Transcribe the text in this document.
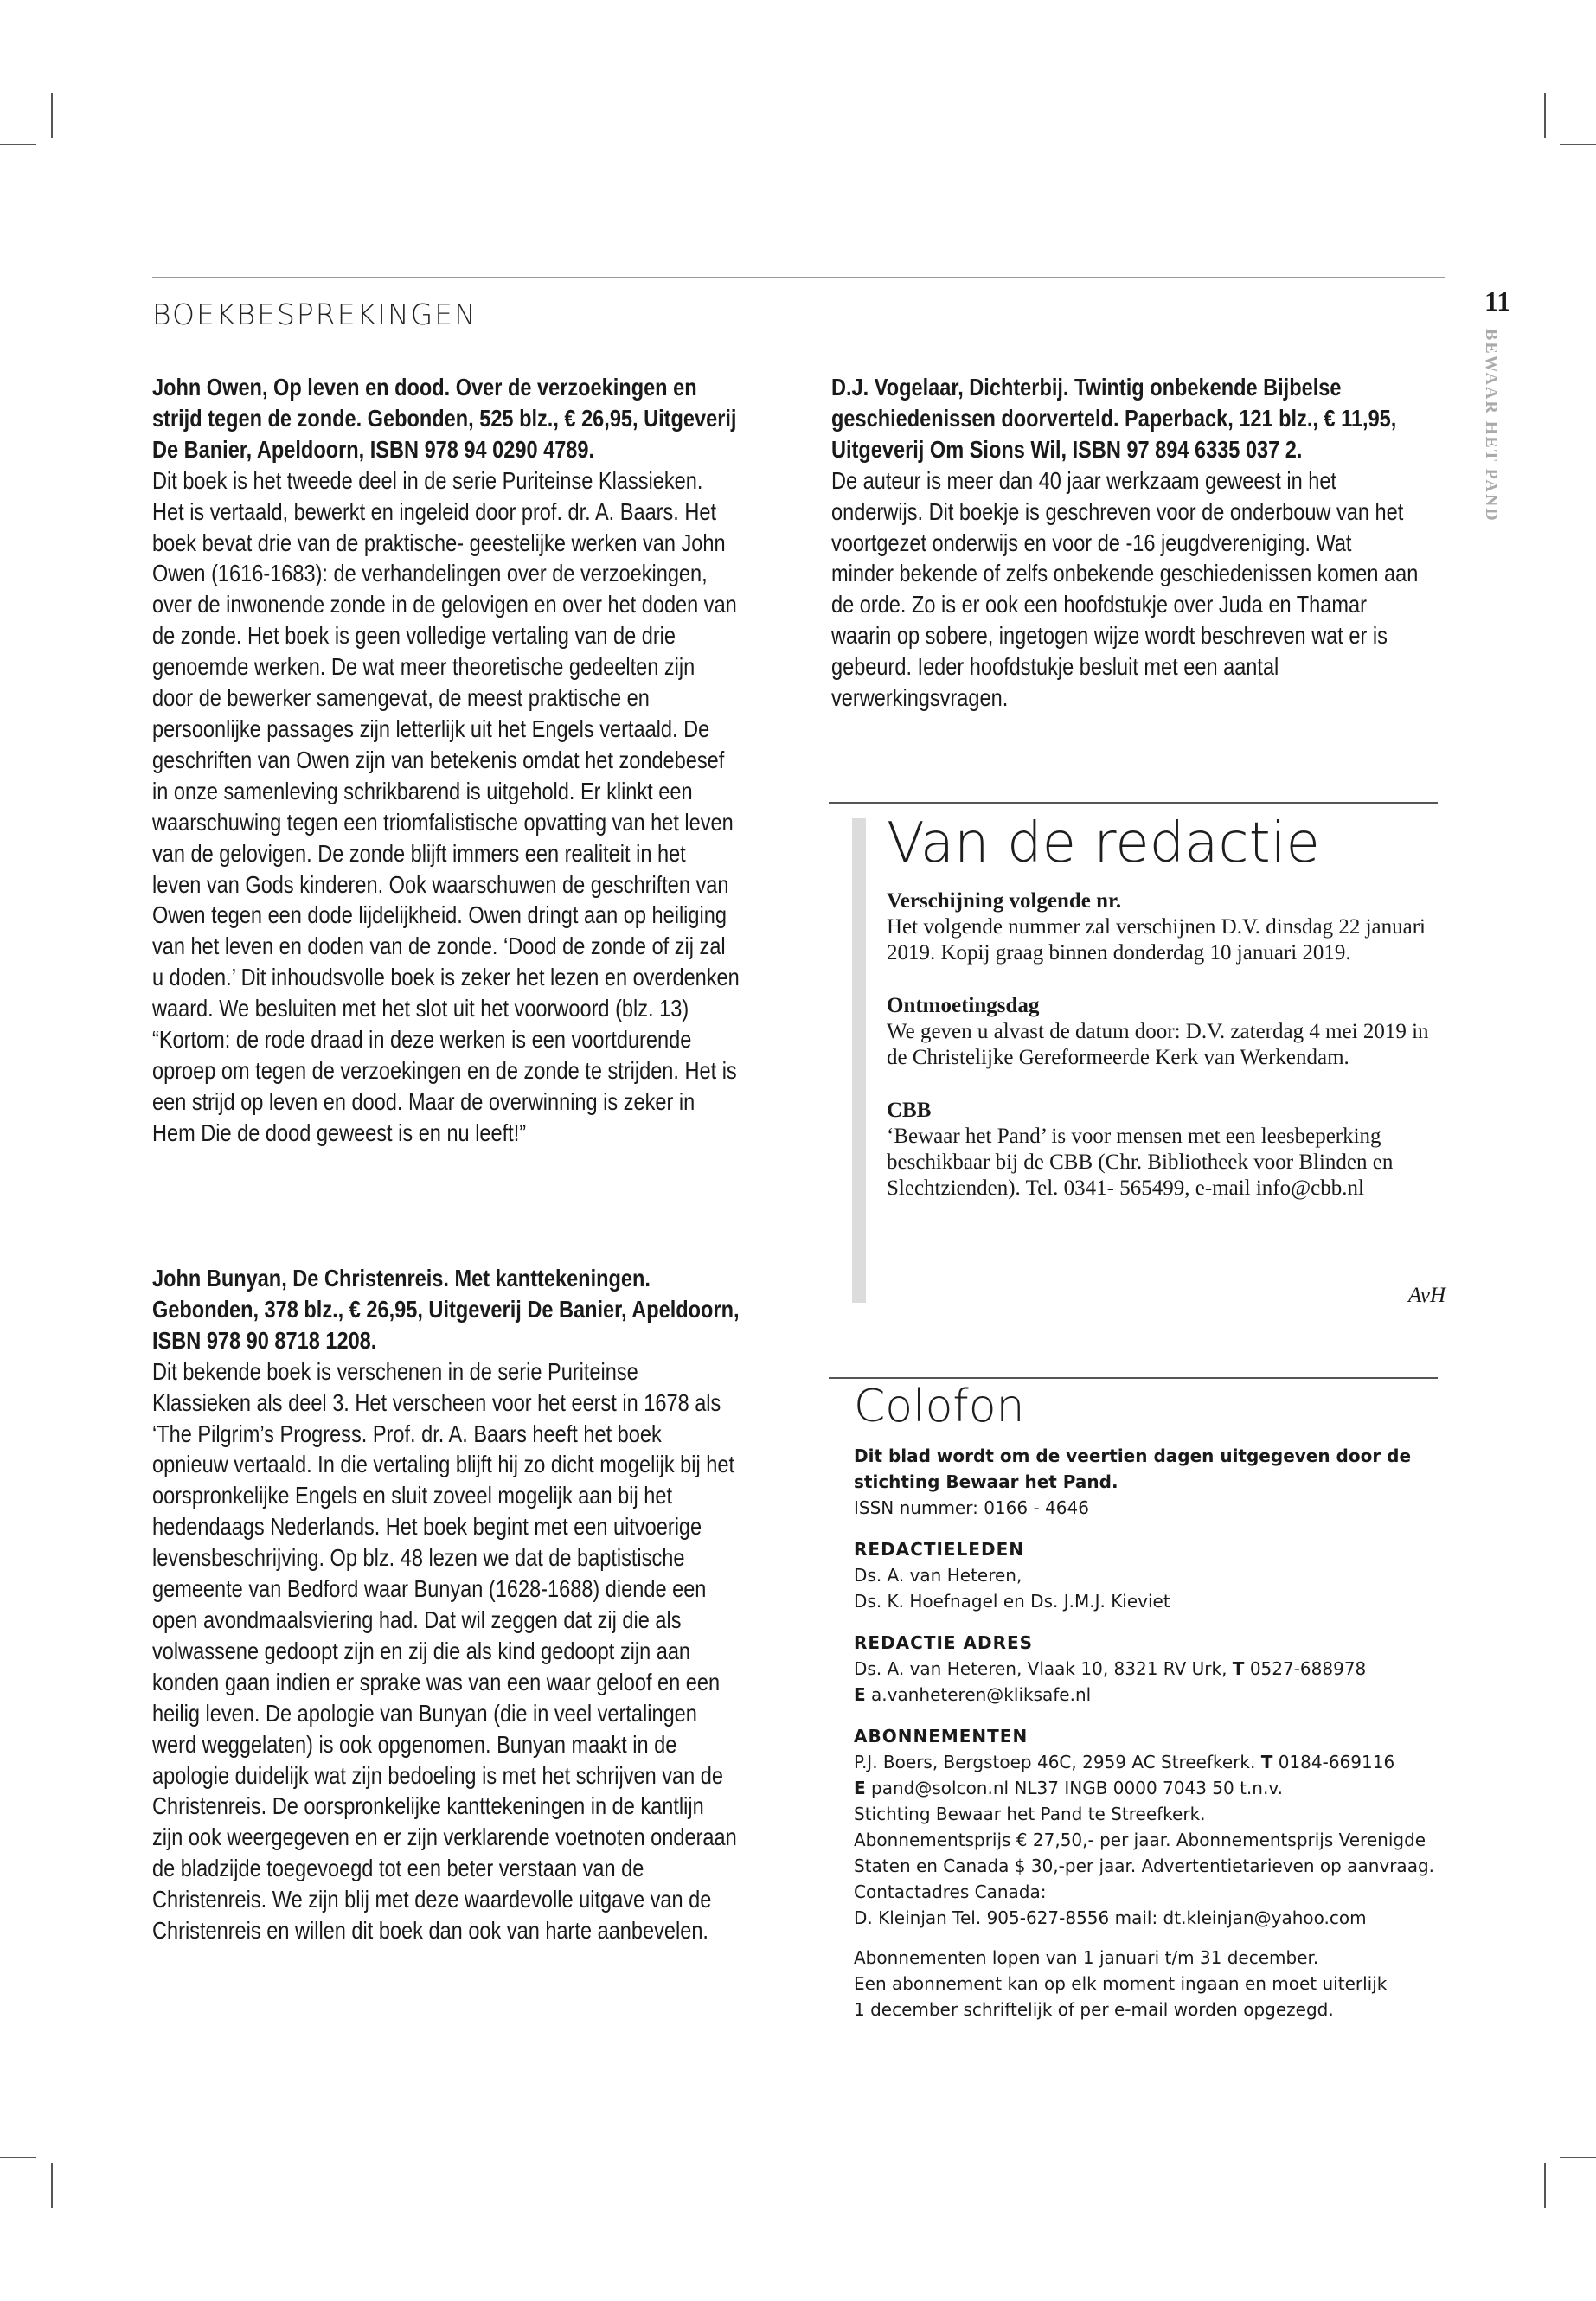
BOEKBESPREKINGEN	11
BEWAAR HET PAND

John Owen, Op leven en dood. Over de verzoekingen en strijd tegen de zonde. Gebonden, 525 blz., € 26,95, Uitgeverij De Banier, Apeldoorn, ISBN 978 94 0290 4789.

Dit boek is het tweede deel in de serie Puriteinse Klassieken. Het is vertaald, bewerkt en ingeleid door prof. dr. A. Baars. Het boek bevat drie van de praktische- geestelijke werken van John Owen (1616-1683): de verhandelingen over de verzoekingen, over de inwonende zonde in de gelovigen en over het doden van de zonde. Het boek is geen volledige vertaling van de drie genoemde werken. De wat meer theoretische gedeelten zijn door de bewerker samengevat, de meest praktische en persoonlijke passages zijn letterlijk uit het Engels vertaald. De geschriften van Owen zijn van betekenis omdat het zondebesef in onze samenleving schrikbarend is uitgehold. Er klinkt een waarschuwing tegen een triomfalistische opvatting van het leven van de gelovigen. De zonde blijft immers een realiteit in het leven van Gods kinderen. Ook waarschuwen de geschriften van Owen tegen een dode lijdelijkheid. Owen dringt aan op heiliging van het leven en doden van de zonde. ‘Dood de zonde of zij zal u doden.’ Dit inhoudsvolle boek is zeker het lezen en overdenken waard. We besluiten met het slot uit het voorwoord (blz. 13) “Kortom: de rode draad in deze werken is een voortdurende oproep om tegen de verzoekingen en de zonde te strijden. Het is een strijd op leven en dood. Maar de overwinning is zeker in Hem Die de dood geweest is en nu leeft!”

John Bunyan, De Christenreis. Met kanttekeningen. Gebonden, 378 blz., € 26,95, Uitgeverij De Banier, Apeldoorn, ISBN 978 90 8718 1208.

Dit bekende boek is verschenen in de serie Puriteinse Klassieken als deel 3. Het verscheen voor het eerst in 1678 als ‘The Pilgrim’s Progress. Prof. dr. A. Baars heeft het boek opnieuw vertaald. In die vertaling blijft hij zo dicht mogelijk bij het oorspronkelijke Engels en sluit zoveel mogelijk aan bij het hedendaags Nederlands. Het boek begint met een uitvoerige levensbeschrijving. Op blz. 48 lezen we dat de baptistische gemeente van Bedford waar Bunyan (1628-1688) diende een open avondmaalsviering had. Dat wil zeggen dat zij die als volwassene gedoopt zijn en zij die als kind gedoopt zijn aan konden gaan indien er sprake was van een waar geloof en een heilig leven. De apologie van Bunyan (die in veel vertalingen werd weggelaten) is ook opgenomen. Bunyan maakt in de apologie duidelijk wat zijn bedoeling is met het schrijven van de Christenreis. De oorspronkelijke kanttekeningen in de kantlijn zijn ook weergegeven en er zijn verklarende voetnoten onderaan de bladzijde toegevoegd tot een beter verstaan van de Christenreis. We zijn blij met deze waardevolle uitgave van de Christenreis en willen dit boek dan ook van harte aanbevelen.

D.J. Vogelaar, Dichterbij. Twintig onbekende Bijbelse geschiedenissen doorverteld. Paperback, 121 blz., € 11,95, Uitgeverij Om Sions Wil, ISBN 97 894 6335 037 2.

De auteur is meer dan 40 jaar werkzaam geweest in het onderwijs. Dit boekje is geschreven voor de onderbouw van het voortgezet onderwijs en voor de -16 jeugdvereniging. Wat minder bekende of zelfs onbekende geschiedenissen komen aan de orde. Zo is er ook een hoofdstukje over Juda en Thamar waarin op sobere, ingetogen wijze wordt beschreven wat er is gebeurd. Ieder hoofdstukje besluit met een aantal verwerkingsvragen.

Van de redactie
Verschijning volgende nr.

Het volgende nummer zal verschijnen D.V. dinsdag 22 januari 2019. Kopij graag binnen donderdag 10 januari 2019.

Ontmoetingsdag

We geven u alvast de datum door: D.V. zaterdag 4 mei 2019 in de Christelijke Gereformeerde Kerk van Werkendam.

CBB

‘Bewaar het Pand’ is voor mensen met een leesbeperking beschikbaar bij de CBB (Chr. Bibliotheek voor Blinden en Slechtzienden). Tel. 0341- 565499, e-mail info@cbb.nl

AvH
Colofon

Dit blad wordt om de veertien dagen uitgegeven door de stichting Bewaar het Pand.

ISSN nummer: 0166 - 4646

REDACTIELEDEN

Ds. A. van Heteren,
Ds. K. Hoefnagel en Ds. J.M.J. Kieviet

REDACTIE ADRES

Ds. A. van Heteren, Vlaak 10, 8321 RV Urk, T 0527-688978
E a.vanheteren@kliksafe.nl

ABONNEMENTEN

P.J. Boers, Bergstoep 46C, 2959 AC Streefkerk. T 0184-669116
E pand@solcon.nl NL37 INGB 0000 7043 50 t.n.v.
Stichting Bewaar het Pand te Streefkerk.
Abonnementsprijs € 27,50,- per jaar. Abonnementsprijs Verenigde
Staten en Canada $ 30,-per jaar. Advertentietarieven op aanvraag.
Contactadres Canada:
D. Kleinjan Tel. 905-627-8556 mail: dt.kleinjan@yahoo.com
Abonnementen lopen van 1 januari t/m 31 december.
Een abonnement kan op elk moment ingaan en moet uiterlijk
1 december schriftelijk of per e-mail worden opgezegd.
